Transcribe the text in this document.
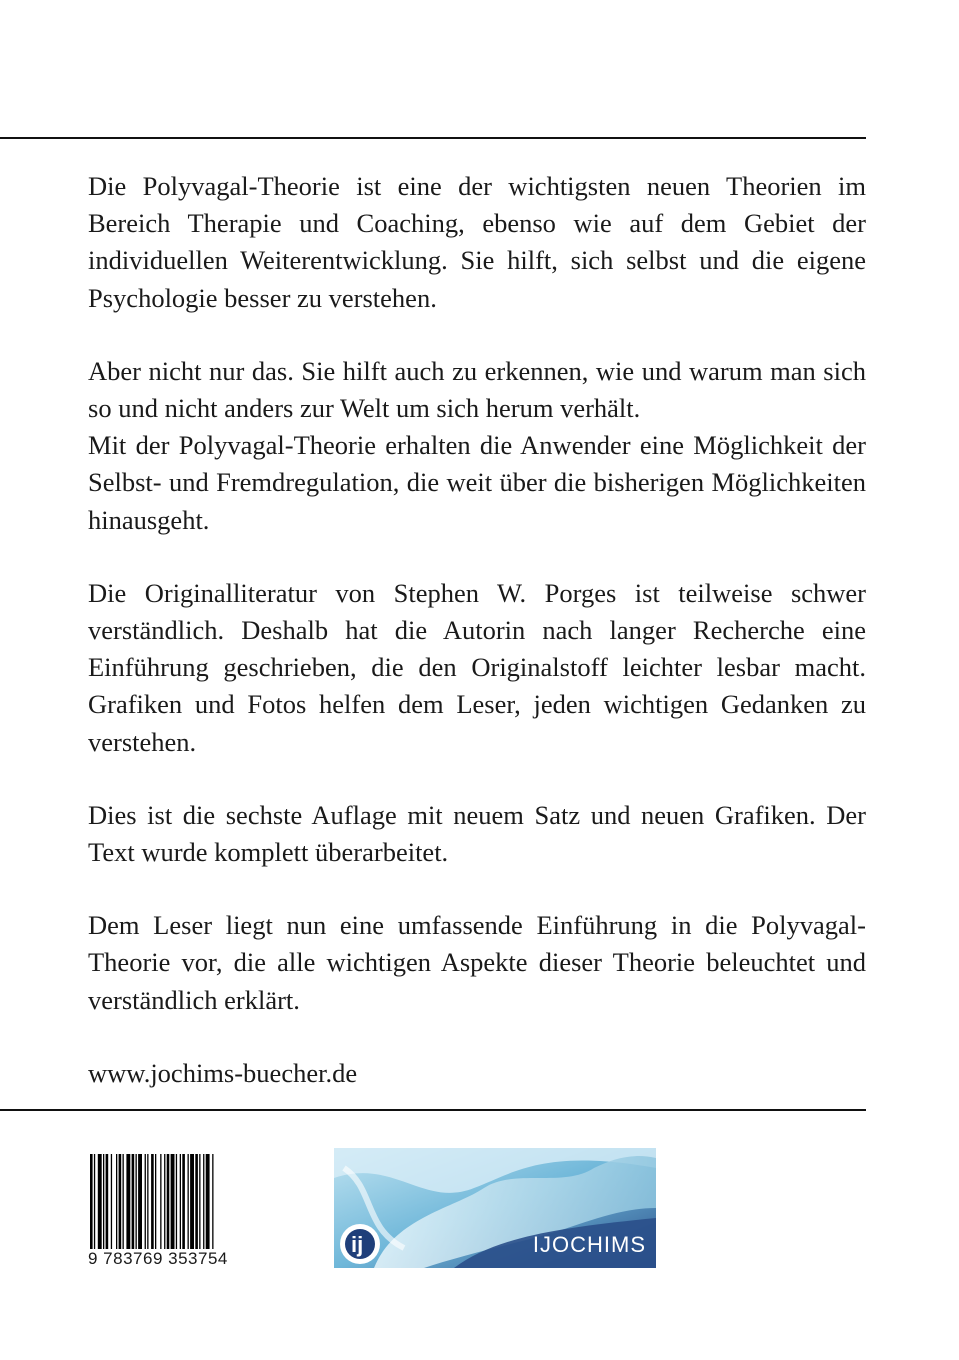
Die Polyvagal-Theorie ist eine der wichtigsten neuen Theorien im Bereich Therapie und Coaching, ebenso wie auf dem Gebiet der individuellen Weiterentwicklung. Sie hilft, sich selbst und die eigene Psychologie besser zu verstehen.

Aber nicht nur das. Sie hilft auch zu erkennen, wie und warum man sich so und nicht anders zur Welt um sich herum verhält.

Mit der Polyvagal-Theorie erhalten die Anwender eine Möglichkeit der Selbst- und Fremdregulation, die weit über die bisherigen Möglichkeiten hinausgeht.

Die Originalliteratur von Stephen W. Porges ist teilweise schwer verständlich. Deshalb hat die Autorin nach langer Recherche eine Einführung geschrieben, die den Originalstoff leichter lesbar macht. Grafiken und Fotos helfen dem Leser, jeden wichtigen Gedanken zu verstehen.

Dies ist die sechste Auflage mit neuem Satz und neuen Grafiken. Der Text wurde komplett überarbeitet.

Dem Leser liegt nun eine umfassende Einführung in die Polyvagal-Theorie vor, die alle wichtigen Aspekte dieser Theorie beleuchtet und verständlich erklärt.

www.jochims-buecher.de

9 783769 353754
ij	IJOCHIMS
